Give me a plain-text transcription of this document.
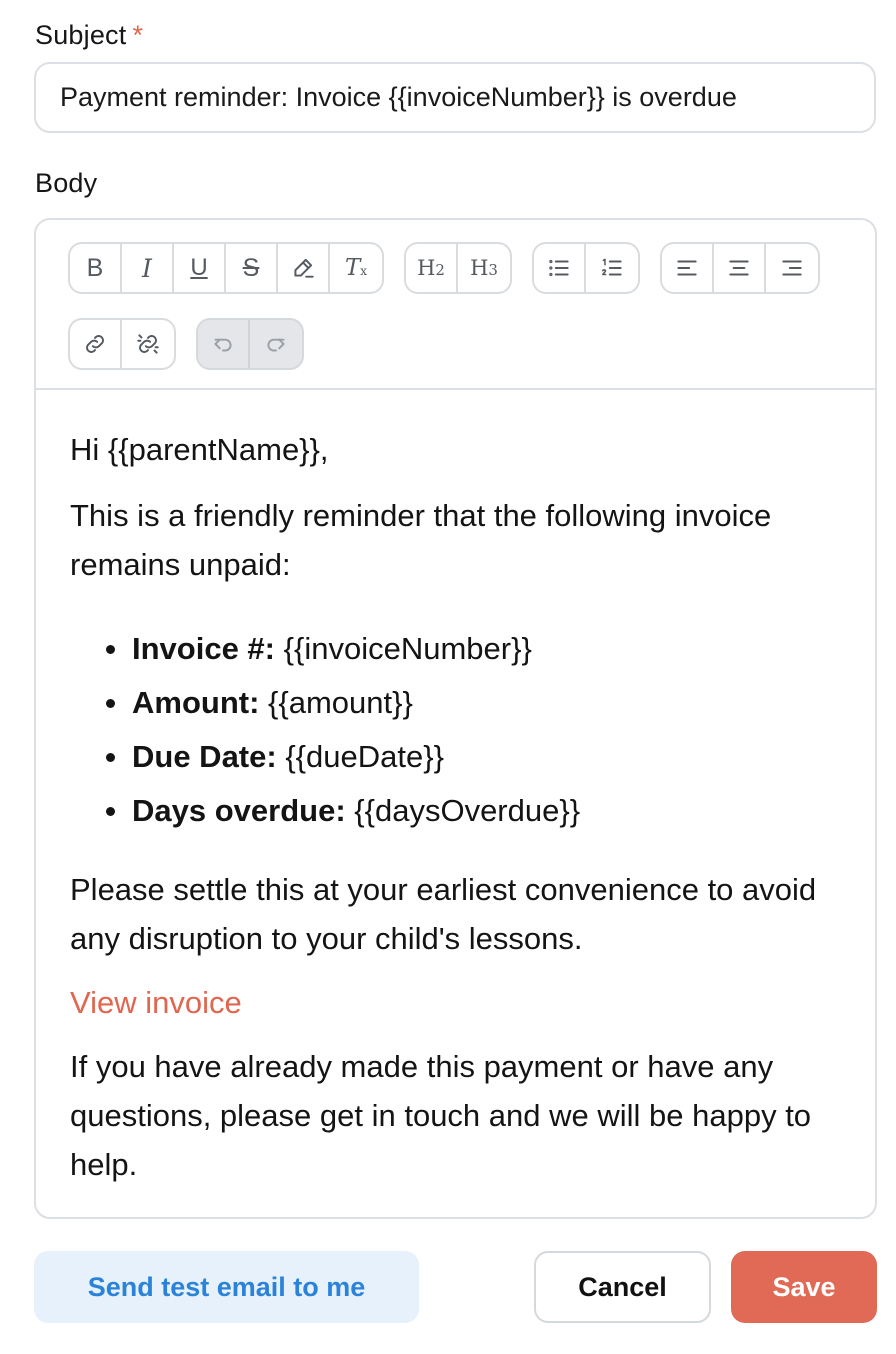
Subject *
Payment reminder: Invoice {{invoiceNumber}} is overdue
Body
B I U S	Tx H2 H3

Hi {{parentName}},

This is a friendly reminder that the following invoice remains unpaid:

Invoice #: {{invoiceNumber}}
Amount: {{amount}}
Due Date: {{dueDate}}
Days overdue: {{daysOverdue}}

Please settle this at your earliest convenience to avoid any disruption to your child's lessons.

View invoice

If you have already made this payment or have any questions, please get in touch and we will be happy to help.

Send test email to me	Cancel	Save
